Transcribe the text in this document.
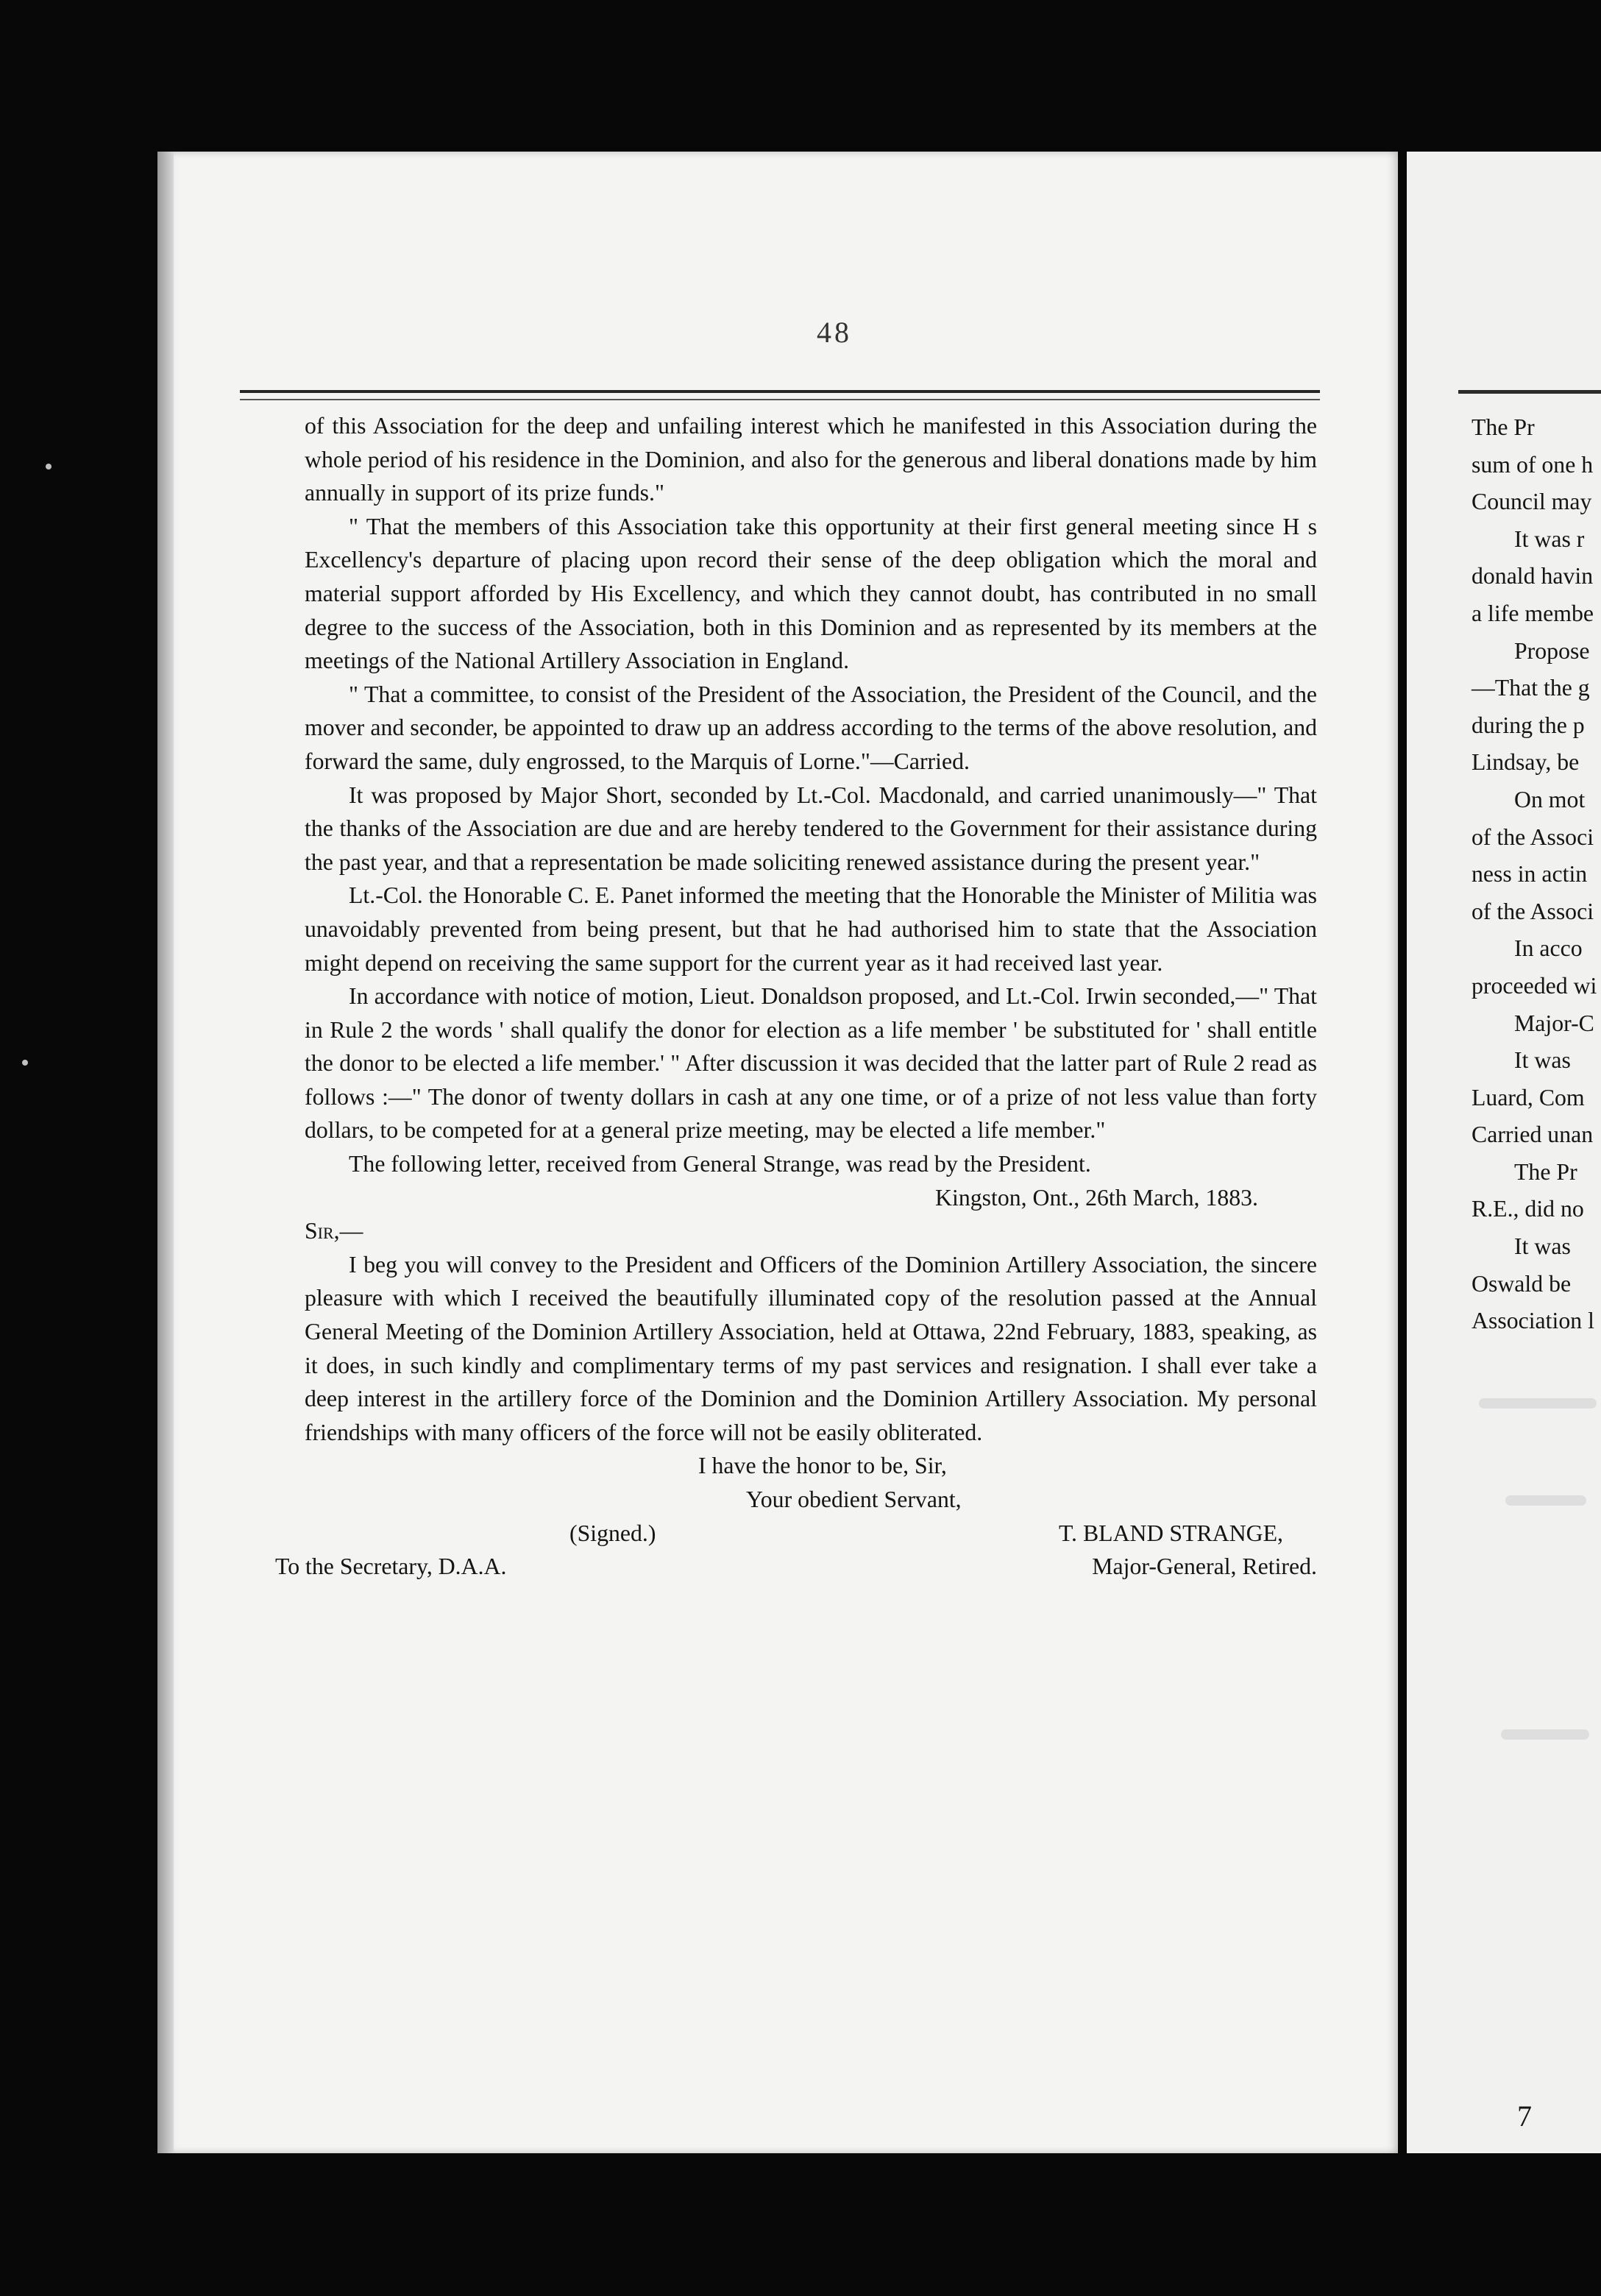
48

of this Association for the deep and unfailing interest which he manifested in this Association during the whole period of his residence in the Dominion, and also for the generous and liberal donations made by him annually in support of its prize funds."

" That the members of this Association take this opportunity at their first general meeting since H s Excellency's departure of placing upon record their sense of the deep obligation which the moral and material support afforded by His Excellency, and which they cannot doubt, has contributed in no small degree to the success of the Association, both in this Dominion and as represented by its members at the meetings of the National Artillery Association in England.

" That a committee, to consist of the President of the Association, the President of the Council, and the mover and seconder, be appointed to draw up an address according to the terms of the above resolution, and forward the same, duly engrossed, to the Marquis of Lorne."—Carried.

It was proposed by Major Short, seconded by Lt.-Col. Macdonald, and carried unanimously—" That the thanks of the Association are due and are hereby tendered to the Government for their assistance during the past year, and that a representation be made soliciting renewed assistance during the present year."

Lt.-Col. the Honorable C. E. Panet informed the meeting that the Honorable the Minister of Militia was unavoidably prevented from being present, but that he had authorised him to state that the Association might depend on receiving the same support for the current year as it had received last year.

In accordance with notice of motion, Lieut. Donaldson proposed, and Lt.-Col. Irwin seconded,—" That in Rule 2 the words ' shall qualify the donor for election as a life member ' be substituted for ' shall entitle the donor to be elected a life member.' " After discussion it was decided that the latter part of Rule 2 read as follows :—" The donor of twenty dollars in cash at any one time, or of a prize of not less value than forty dollars, to be competed for at a general prize meeting, may be elected a life member."

The following letter, received from General Strange, was read by the President.

Kingston, Ont., 26th March, 1883.

Sir,—

I beg you will convey to the President and Officers of the Dominion Artillery Association, the sincere pleasure with which I received the beautifully illuminated copy of the resolution passed at the Annual General Meeting of the Dominion Artillery Association, held at Ottawa, 22nd February, 1883, speaking, as it does, in such kindly and complimentary terms of my past services and resignation. I shall ever take a deep interest in the artillery force of the Dominion and the Dominion Artillery Association. My personal friendships with many officers of the force will not be easily obliterated.

I have the honor to be, Sir,

Your obedient Servant,

(Signed.)	T. BLAND STRANGE,
To the Secretary, D.A.A.	Major-General, Retired.

The Pr

sum of one h

Council may

It was r

donald havin

a life membe

Propose

—That the g

during the p

Lindsay, be

On mot

of the Associ

ness in actin

of the Associ

In acco

proceeded wi

Major-C

It was

Luard, Com

Carried unan

The Pr

R.E., did no

It was

Oswald be

Association l

7
